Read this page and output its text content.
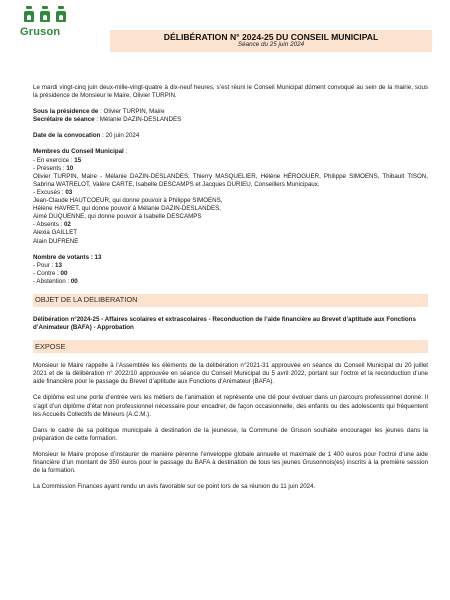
Gruson	DÉLIBÉRATION N° 2024-25 DU CONSEIL MUNICIPAL
Séance du 25 juin 2024
Le mardi vingt-cinq juin deux-mille-vingt-quatre à dix-neuf heures, s’est réuni le Conseil Municipal dûment convoqué au sein de la mairie, sous la présidence de Monsieur le Maire, Olivier TURPIN.
Sous la présidence de : Olivier TURPIN, Maire
Secrétaire de séance : Mélanie DAZIN-DESLANDES
Date de la convocation : 20 juin 2024
Membres du Conseil Municipal :
- En exercice : 15
- Présents : 10
Olivier TURPIN, Maire - Mélanie DAZIN-DESLANDES, Thierry MASQUELIER, Hélène HÉROGUER, Philippe SIMOENS, Thibault TISON, Sabrina WATRELOT, Valère CARTE, Isabelle DESCAMPS et Jacques DURIEU, Conseillers Municipaux.
- Excusés : 03
Jean-Claude HAUTCOEUR, qui donne pouvoir à Philippe SIMOENS,
Hélène HAVRET, qui donne pouvoir à Mélanie DAZIN-DESLANDES,
Aimé DUQUENNE, qui donne pouvoir à Isabelle DESCAMPS
- Absents : 02
Alexia GAILLET
Alain DUFRENE
Nombre de votants : 13
- Pour : 13
- Contre : 00
- Abstention : 00
OBJET DE LA DELIBERATION
Délibération n°2024-25 - Affaires scolaires et extrascolaires - Reconduction de l’aide financière au Brevet d’aptitude aux Fonctions d’Animateur (BAFA) - Approbation
EXPOSE
Monsieur le Maire rappelle à l’Assemblée les éléments de la délibération n°2021-31 approuvée en séance du Conseil Municipal du 20 juillet 2021 et de la délibération n° 2022/10 approuvée en séance du Conseil Municipal du 5 avril 2022, portant sur l’octroi et la reconduction d’une aide financière pour le passage du Brevet d’aptitude aux Fonctions d’Animateur (BAFA).
Ce diplôme est une porte d’entrée vers les métiers de l’animation et représente une clé pour évoluer dans un parcours professionnel donné. Il s’agit d’un diplôme d’état non professionnel nécessaire pour encadrer, de façon occasionnelle, des enfants ou des adolescents qui fréquentent les Accueils Collectifs de Mineurs (A.C.M.).
Dans le cadre de sa politique municipale à destination de la jeunesse, la Commune de Gruson souhaite encourager les jeunes dans la préparation de cette formation.
Monsieur le Maire propose d’instaurer de manière pérenne l’enveloppe globale annuelle et maximale de 1 400 euros pour l’octroi d’une aide financière d’un montant de 350 euros pour le passage du BAFA à destination de tous les jeunes Grusonnois(es) inscrits à la première session de la formation.
La Commission Finances ayant rendu un avis favorable sur ce point lors de sa réunion du 11 juin 2024.
